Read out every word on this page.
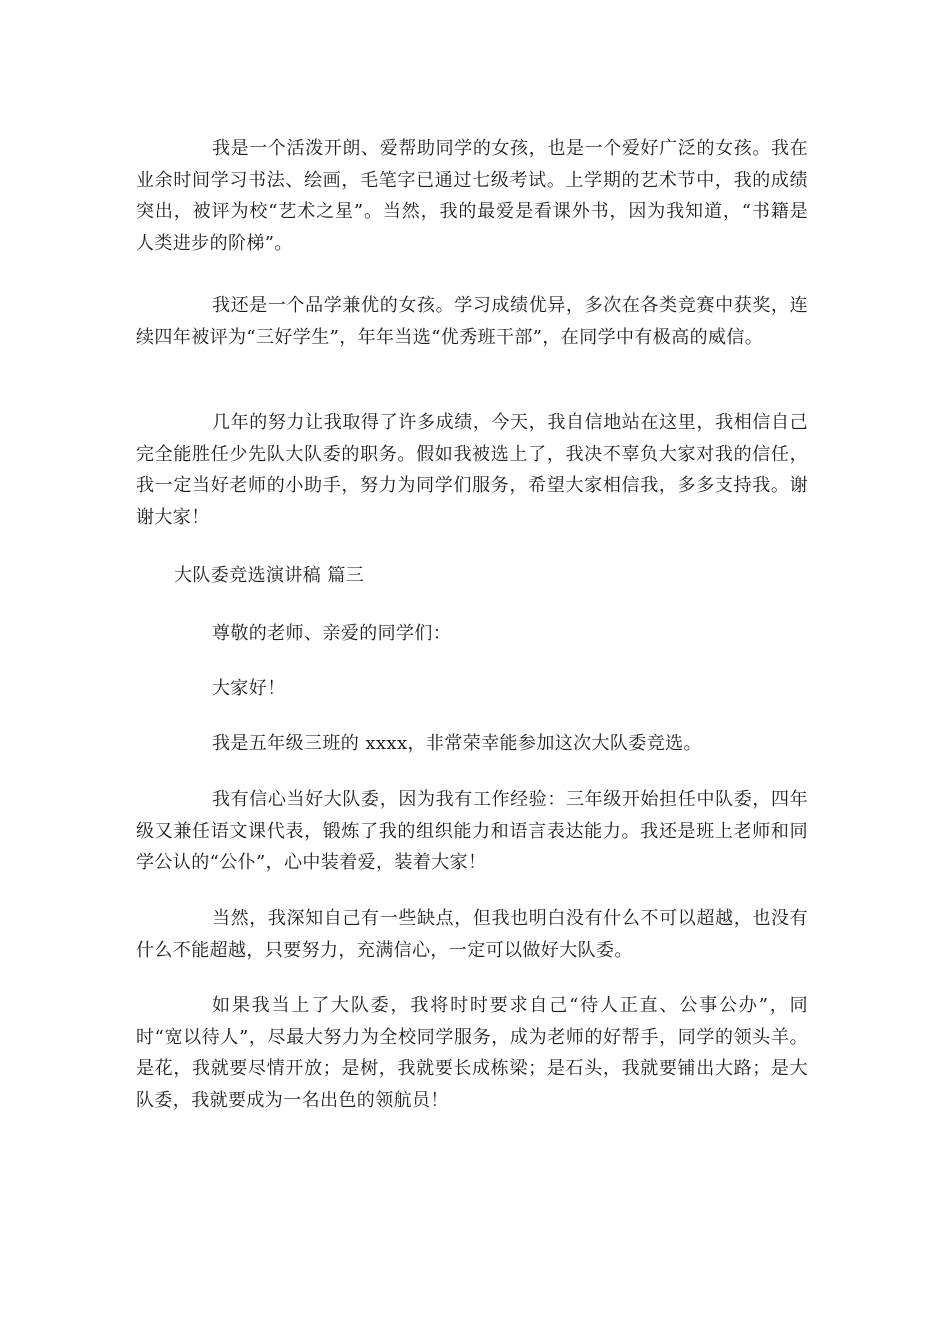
我是一个活泼开朗、爱帮助同学的女孩，也是一个爱好广泛的女孩。我在业余时间学习书法、绘画，毛笔字已通过七级考试。上学期的艺术节中，我的成绩突出，被评为校“艺术之星”。当然，我的最爱是看课外书，因为我知道，“书籍是人类进步的阶梯”。

我还是一个品学兼优的女孩。学习成绩优异，多次在各类竞赛中获奖，连续四年被评为“三好学生”，年年当选“优秀班干部”，在同学中有极高的威信。

几年的努力让我取得了许多成绩，今天，我自信地站在这里，我相信自己完全能胜任少先队大队委的职务。假如我被选上了，我决不辜负大家对我的信任，我一定当好老师的小助手，努力为同学们服务，希望大家相信我，多多支持我。谢谢大家！

大队委竞选演讲稿 篇三

尊敬的老师、亲爱的同学们：

大家好！

我是五年级三班的 xxxx，非常荣幸能参加这次大队委竞选。

我有信心当好大队委，因为我有工作经验：三年级开始担任中队委，四年级又兼任语文课代表，锻炼了我的组织能力和语言表达能力。我还是班上老师和同学公认的“公仆”，心中装着爱，装着大家！

当然，我深知自己有一些缺点，但我也明白没有什么不可以超越，也没有什么不能超越，只要努力，充满信心，一定可以做好大队委。

如果我当上了大队委，我将时时要求自己“待人正直、公事公办”，同时“宽以待人”，尽最大努力为全校同学服务，成为老师的好帮手，同学的领头羊。是花，我就要尽情开放；是树，我就要长成栋梁；是石头，我就要铺出大路；是大队委，我就要成为一名出色的领航员！
